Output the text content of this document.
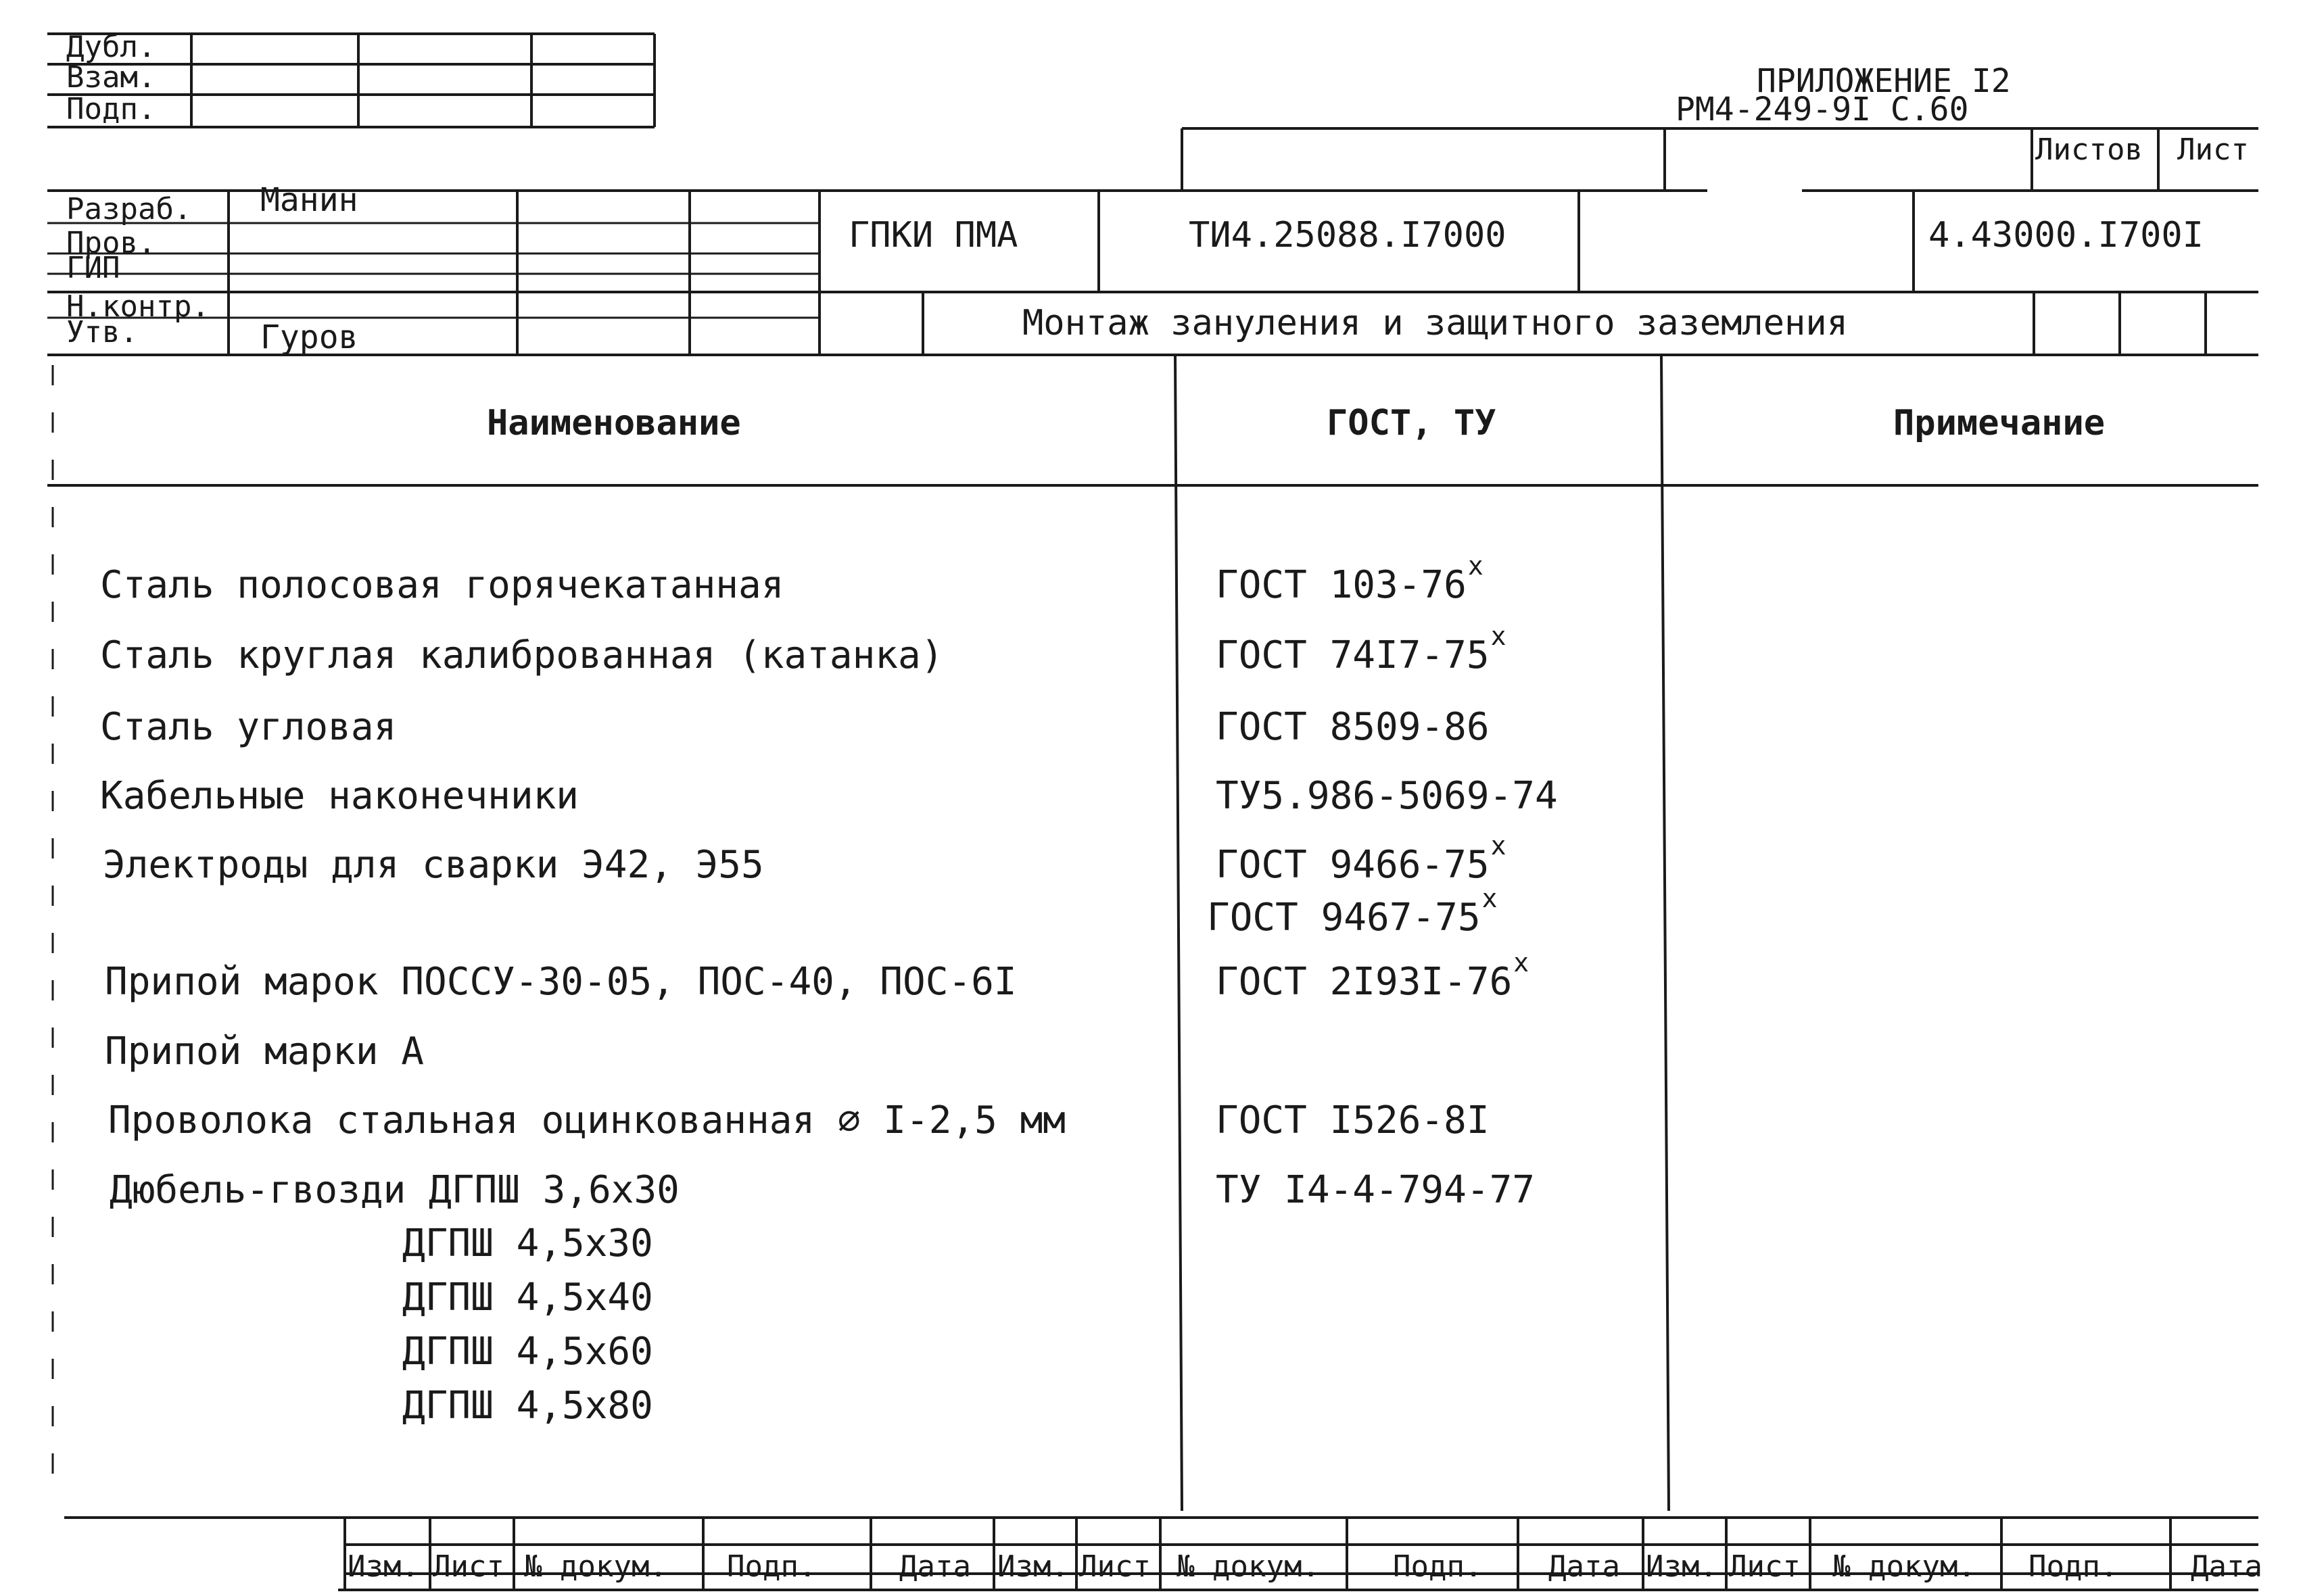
Дубл.
Взам.
Подп.
ПРИЛОЖЕНИЕ I2
РМ4-249-9I С.60
Листов Лист
Разраб.
Пров.
ГИП
Н.контр.
Утв.
Манин
Гуров
ГПКИ ПМА	ТИ4.25088.I7000	4.43000.I700I
Монтаж зануления и защитного заземления
Наименование	ГОСТ, ТУ	Примечание
Сталь полосовая горячекатанная	ГОСТ $103-76^х$
Сталь круглая калиброванная (катанка)	ГОСТ $74I7-75^х$
Сталь угловая	ГОСТ 8509-86
Кабельные наконечники	ТУ5.986-5069-74
Электроды для сварки Э42, Э55	ГОСТ $9466-75^х$
ГОСТ $9467-75^х$
Припой марок ПОССУ-30-05, ПОС-40, ПОС-6I	ГОСТ $2I93I-76^х$
Припой марки А
Проволока стальная оцинкованная ∅ I-2,5 мм	ГОСТ I526-8I
Дюбель-гвозди ДГПШ 3,6х30	ТУ I4-4-794-77
ДГПШ 4,5х30
ДГПШ 4,5х40
ДГПШ 4,5х60
ДГПШ 4,5х80
Изм. Лист № докум. Подп.	Дата Изм. Лист № докум. Подп. Дата Изм. Лист № докум. Подп. Дата
